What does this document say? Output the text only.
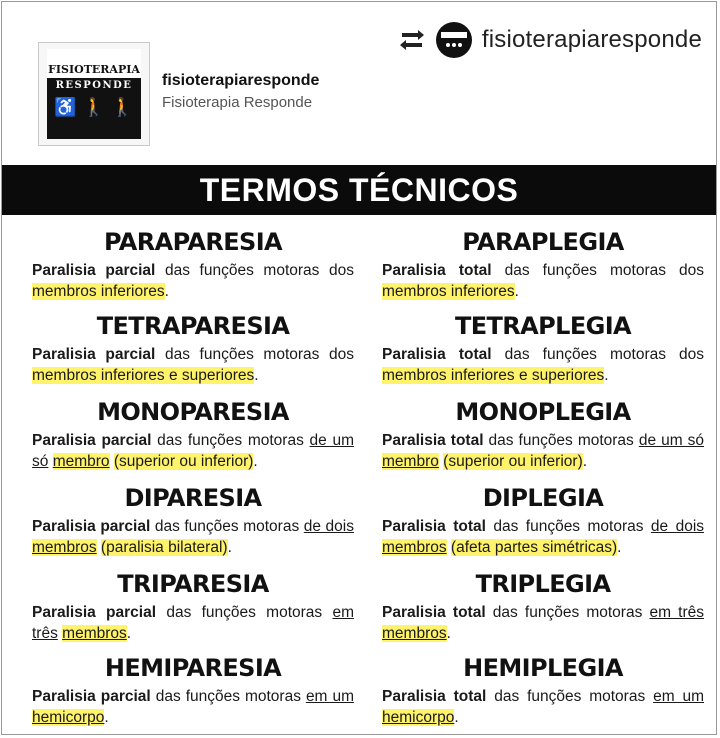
fisioterapiaresponde
FISIOTERAPIA
RESPONDE
♿ 🚶 🚶
fisioterapiaresponde
Fisioterapia Responde
TERMOS TÉCNICOS
PARAPARESIA
Paralisia parcial das funções motoras dos membros inferiores.
PARAPLEGIA
Paralisia total das funções motoras dos membros inferiores.
TETRAPARESIA
Paralisia parcial das funções motoras dos membros inferiores e superiores.
TETRAPLEGIA
Paralisia total das funções motoras dos membros inferiores e superiores.
MONOPARESIA
Paralisia parcial das funções motoras de um só membro (superior ou inferior).
MONOPLEGIA
Paralisia total das funções motoras de um só membro (superior ou inferior).
DIPARESIA
Paralisia parcial das funções motoras de dois membros (paralisia bilateral).
DIPLEGIA
Paralisia total das funções motoras de dois membros (afeta partes simétricas).
TRIPARESIA
Paralisia parcial das funções motoras em três membros.
TRIPLEGIA
Paralisia total das funções motoras em três membros.
HEMIPARESIA
Paralisia parcial das funções motoras em um hemicorpo.
HEMIPLEGIA
Paralisia total das funções motoras em um hemicorpo.
